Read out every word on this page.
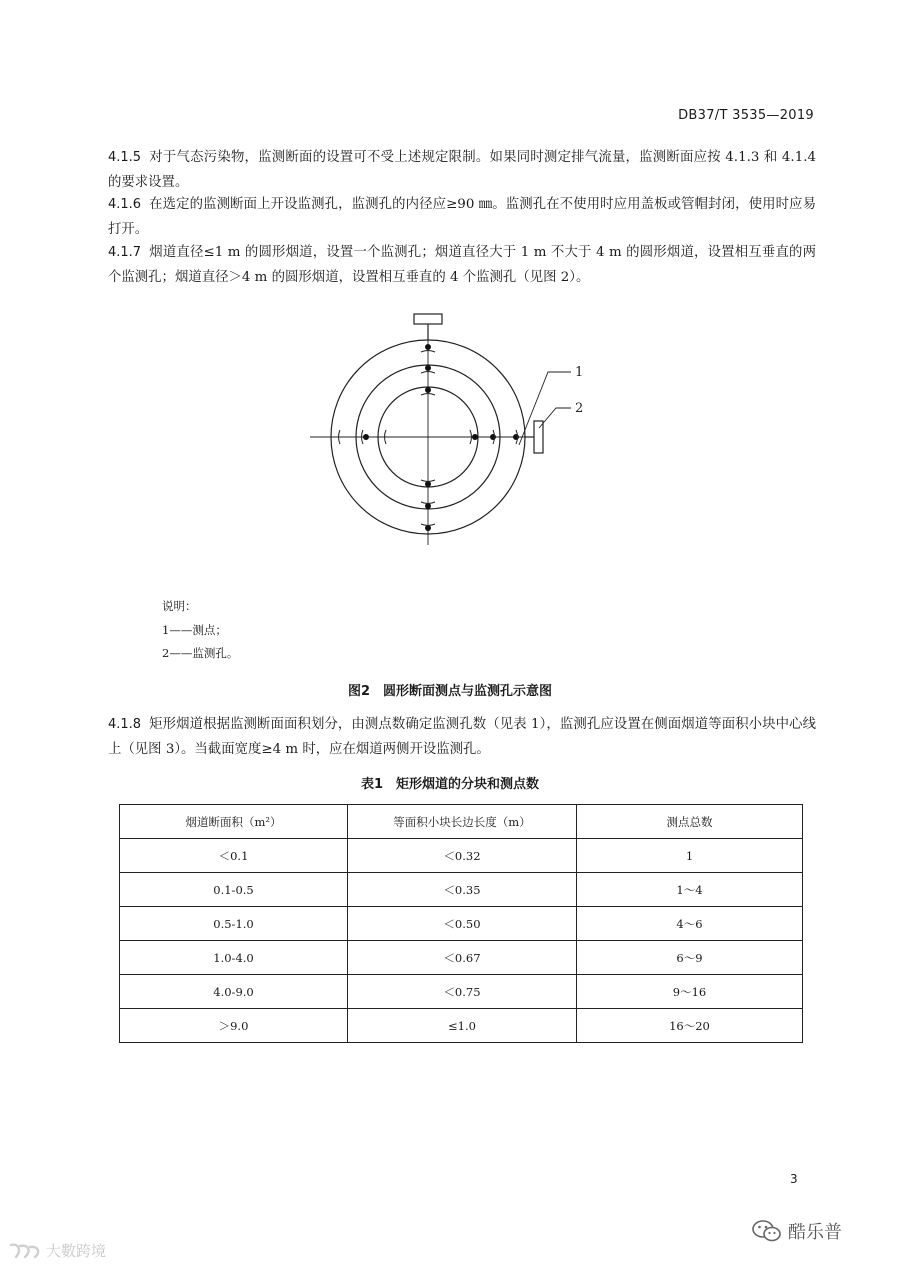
DB37/T 3535—2019
4.1.5 对于气态污染物，监测断面的设置可不受上述规定限制。如果同时测定排气流量，监测断面应按 4.1.3 和 4.1.4 的要求设置。
4.1.6 在选定的监测断面上开设监测孔，监测孔的内径应≥90 ㎜。监测孔在不使用时应用盖板或管帽封闭，使用时应易打开。
4.1.7 烟道直径≤1 m 的圆形烟道，设置一个监测孔；烟道直径大于 1 m 不大于 4 m 的圆形烟道，设置相互垂直的两个监测孔；烟道直径＞4 m 的圆形烟道，设置相互垂直的 4 个监测孔（见图 2）。
1
2
说明：
1——测点；
2——监测孔。
图2　圆形断面测点与监测孔示意图
4.1.8 矩形烟道根据监测断面面积划分，由测点数确定监测孔数（见表 1），监测孔应设置在侧面烟道等面积小块中心线上（见图 3）。当截面宽度≥4 m 时，应在烟道两侧开设监测孔。
表1　矩形烟道的分块和测点数
烟道断面积（m²）	等面积小块长边长度（m）	测点总数
＜0.1	＜0.32	1
0.1-0.5	＜0.35	1～4
0.5-1.0	＜0.50	4～6
1.0-4.0	＜0.67	6～9
4.0-9.0	＜0.75	9～16
＞9.0	≤1.0	16～20
3
大數跨境
酷乐普
